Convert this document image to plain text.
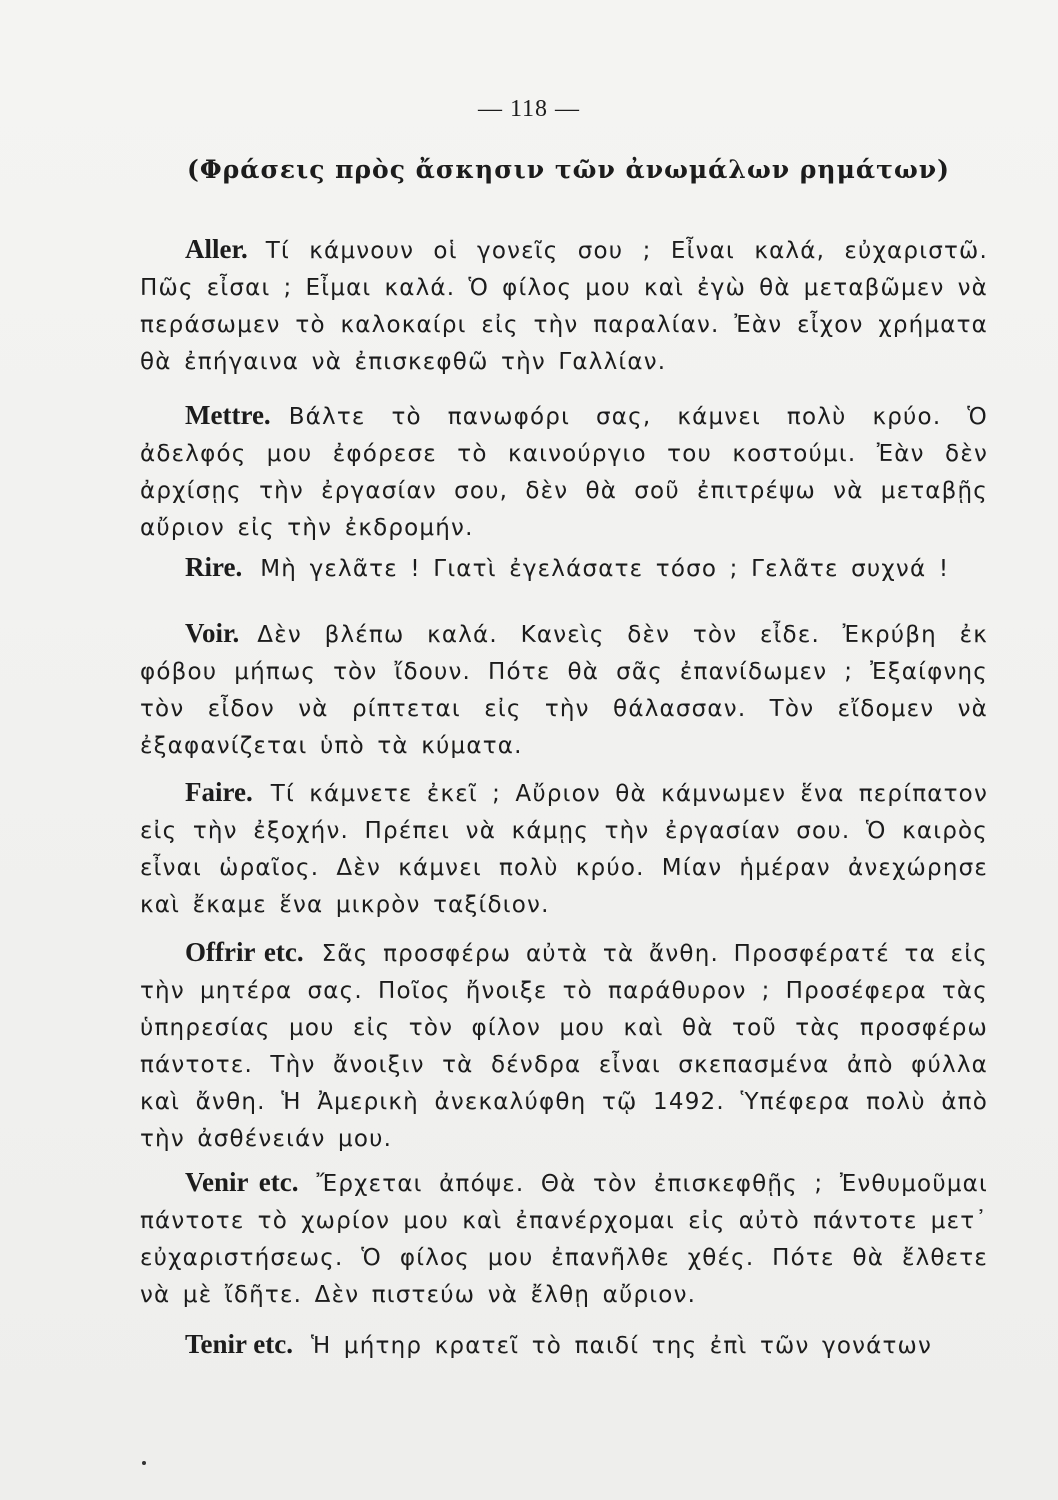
— 118 —
(Φράσεις πρὸς ἄσκησιν τῶν ἀνωμάλων ρημάτων)
Aller. Τί κάμνουν οἱ γονεῖς σου ; Εἶναι καλά, εὐχαριστῶ. Πῶς εἶσαι ; Εἶμαι καλά. Ὁ φίλος μου καὶ ἐγὼ θὰ μεταβῶμεν νὰ περάσωμεν τὸ καλοκαίρι εἰς τὴν παραλίαν. Ἐὰν εἶχον χρήματα θὰ ἐπήγαινα νὰ ἐπισκεφθῶ τὴν Γαλλίαν.
Mettre. Βάλτε τὸ πανωφόρι σας, κάμνει πολὺ κρύο. Ὁ ἀδελφός μου ἐφόρεσε τὸ καινούργιο του κοστούμι. Ἐὰν δὲν ἀρχίσῃς τὴν ἐργασίαν σου, δὲν θὰ σοῦ ἐπιτρέψω νὰ μεταβῇς αὔριον εἰς τὴν ἐκδρομήν.
Rire. Μὴ γελᾶτε ! Γιατὶ ἐγελάσατε τόσο ; Γελᾶτε συχνά !
Voir. Δὲν βλέπω καλά. Κανεὶς δὲν τὸν εἶδε. Ἐκρύβη ἐκ φόβου μήπως τὸν ἴδουν. Πότε θὰ σᾶς ἐπανίδωμεν ; Ἐξαίφνης τὸν εἶδον νὰ ρίπτεται εἰς τὴν θάλασσαν. Τὸν εἴδομεν νὰ ἐξαφανίζεται ὑπὸ τὰ κύματα.
Faire. Τί κάμνετε ἐκεῖ ; Αὔριον θὰ κάμνωμεν ἕνα περίπατον εἰς τὴν ἐξοχήν. Πρέπει νὰ κάμῃς τὴν ἐργασίαν σου. Ὁ καιρὸς εἶναι ὡραῖος. Δὲν κάμνει πολὺ κρύο. Μίαν ἡμέραν ἀνεχώρησε καὶ ἔκαμε ἕνα μικρὸν ταξίδιον.
Offrir etc. Σᾶς προσφέρω αὐτὰ τὰ ἄνθη. Προσφέρατέ τα εἰς τὴν μητέρα σας. Ποῖος ἤνοιξε τὸ παράθυρον ; Προσέφερα τὰς ὑπηρεσίας μου εἰς τὸν φίλον μου καὶ θὰ τοῦ τὰς προσφέρω πάντοτε. Τὴν ἄνοιξιν τὰ δένδρα εἶναι σκεπασμένα ἀπὸ φύλλα καὶ ἄνθη. Ἡ Ἀμερικὴ ἀνεκαλύφθη τῷ 1492. Ὑπέφερα πολὺ ἀπὸ τὴν ἀσθένειάν μου.
Venir etc. Ἔρχεται ἀπόψε. Θὰ τὸν ἐπισκεφθῇς ; Ἐνθυμοῦμαι πάντοτε τὸ χωρίον μου καὶ ἐπανέρχομαι εἰς αὐτὸ πάντοτε μετ᾽ εὐχαριστήσεως. Ὁ φίλος μου ἐπανῆλθε χθές. Πότε θὰ ἔλθετε νὰ μὲ ἴδῆτε. Δὲν πιστεύω νὰ ἔλθῃ αὔριον.
Tenir etc. Ἡ μήτηρ κρατεῖ τὸ παιδί της ἐπὶ τῶν γονάτων
